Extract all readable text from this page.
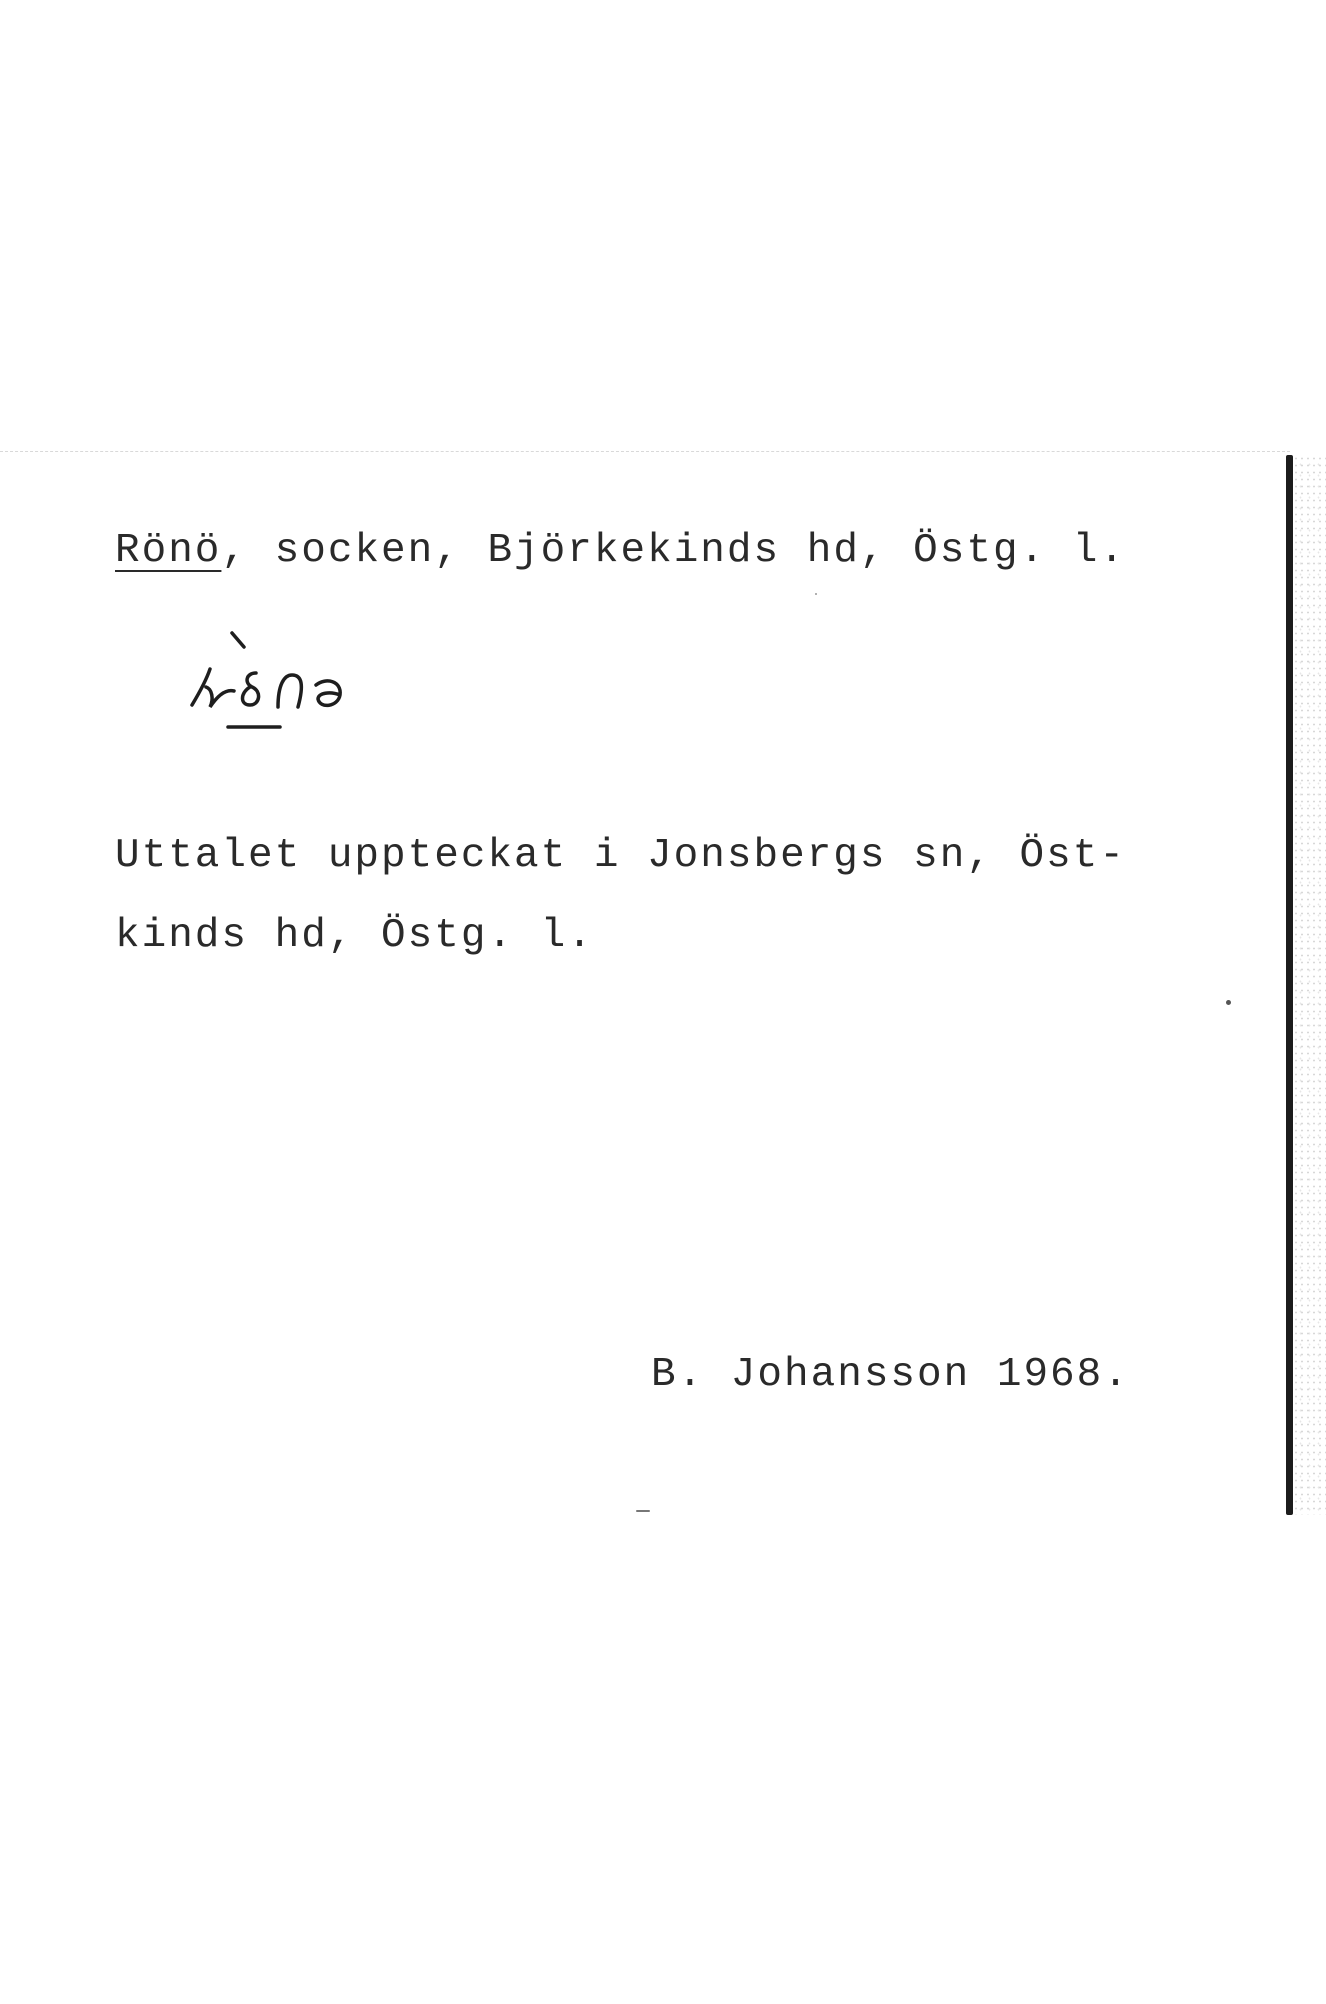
Rönö, socken, Björkekinds hd, Östg. l.

Uttalet uppteckat i Jonsbergs sn, Öst-

kinds hd, Östg. l.

B. Johansson 1968.
